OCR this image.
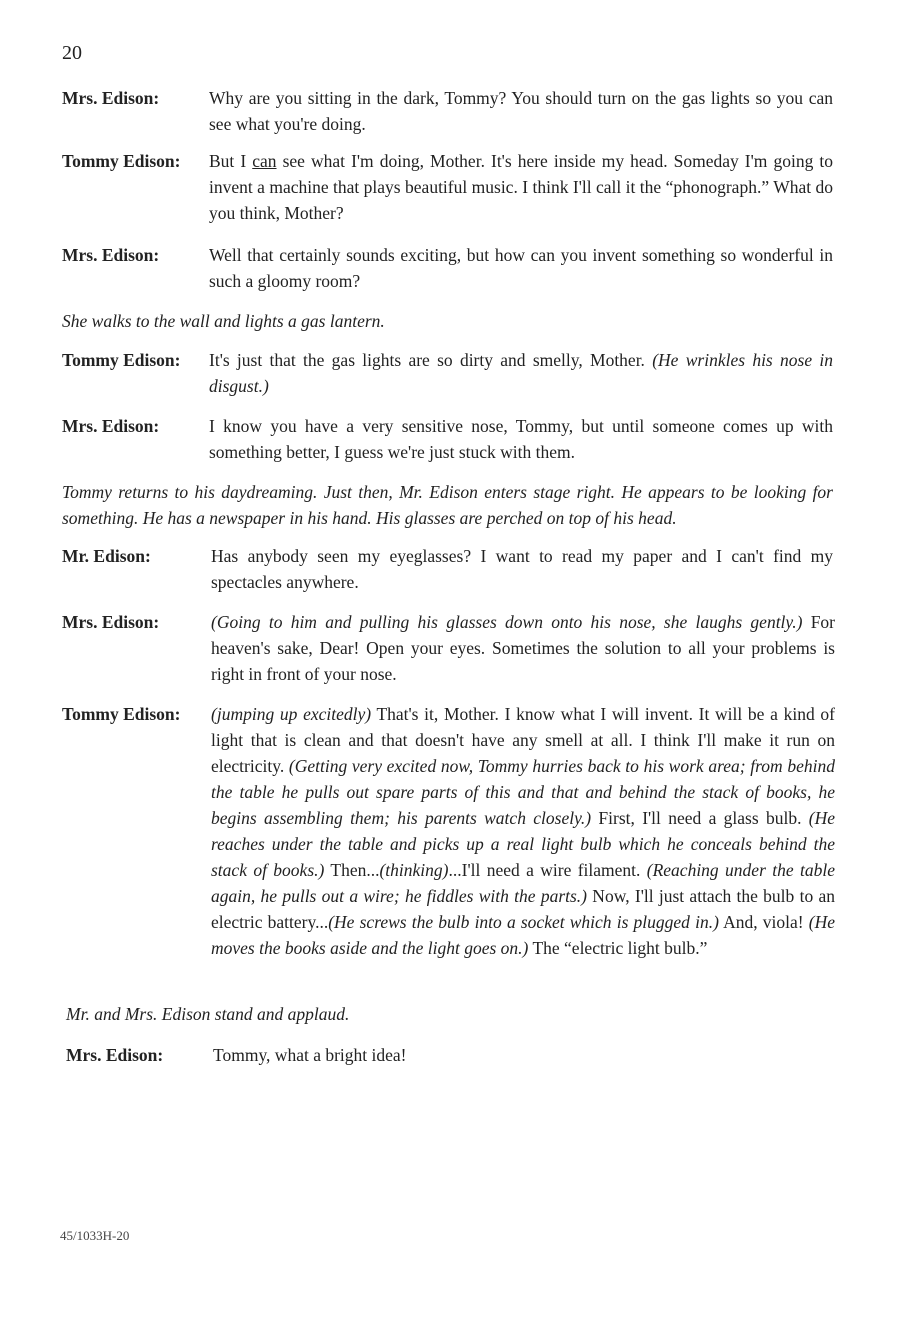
20
Mrs. Edison:	Why are you sitting in the dark, Tommy? You should turn on the gas lights so you can see what you're doing.
Tommy Edison: But I can see what I'm doing, Mother. It's here inside my head. Someday I'm going to invent a machine that plays beautiful music. I think I'll call it the “phonograph.” What do you think, Mother?
Mrs. Edison:	Well that certainly sounds exciting, but how can you invent something so wonderful in such a gloomy room?
She walks to the wall and lights a gas lantern.
Tommy Edison: It's just that the gas lights are so dirty and smelly, Mother. (He wrinkles his nose in disgust.)
Mrs. Edison:	I know you have a very sensitive nose, Tommy, but until someone comes up with something better, I guess we're just stuck with them.
Tommy returns to his daydreaming. Just then, Mr. Edison enters stage right. He appears to be looking for something. He has a newspaper in his hand. His glasses are perched on top of his head.
Mr. Edison:	Has anybody seen my eyeglasses? I want to read my paper and I can't find my spectacles anywhere.
Mrs. Edison:	(Going to him and pulling his glasses down onto his nose, she laughs gently.) For heaven's sake, Dear! Open your eyes. Sometimes the solution to all your problems is right in front of your nose.
Tommy Edison: (jumping up excitedly) That's it, Mother. I know what I will invent. It will be a kind of light that is clean and that doesn't have any smell at all. I think I'll make it run on electricity. (Getting very excited now, Tommy hurries back to his work area; from behind the table he pulls out spare parts of this and that and behind the stack of books, he begins assembling them; his parents watch closely.) First, I'll need a glass bulb. (He reaches under the table and picks up a real light bulb which he conceals behind the stack of books.) Then...(thinking)...I'll need a wire filament. (Reaching under the table again, he pulls out a wire; he fiddles with the parts.) Now, I'll just attach the bulb to an electric battery...(He screws the bulb into a socket which is plugged in.) And, viola! (He moves the books aside and the light goes on.) The “electric light bulb.”
Mr. and Mrs. Edison stand and applaud.
Mrs. Edison:	Tommy, what a bright idea!
45/1033H-20
